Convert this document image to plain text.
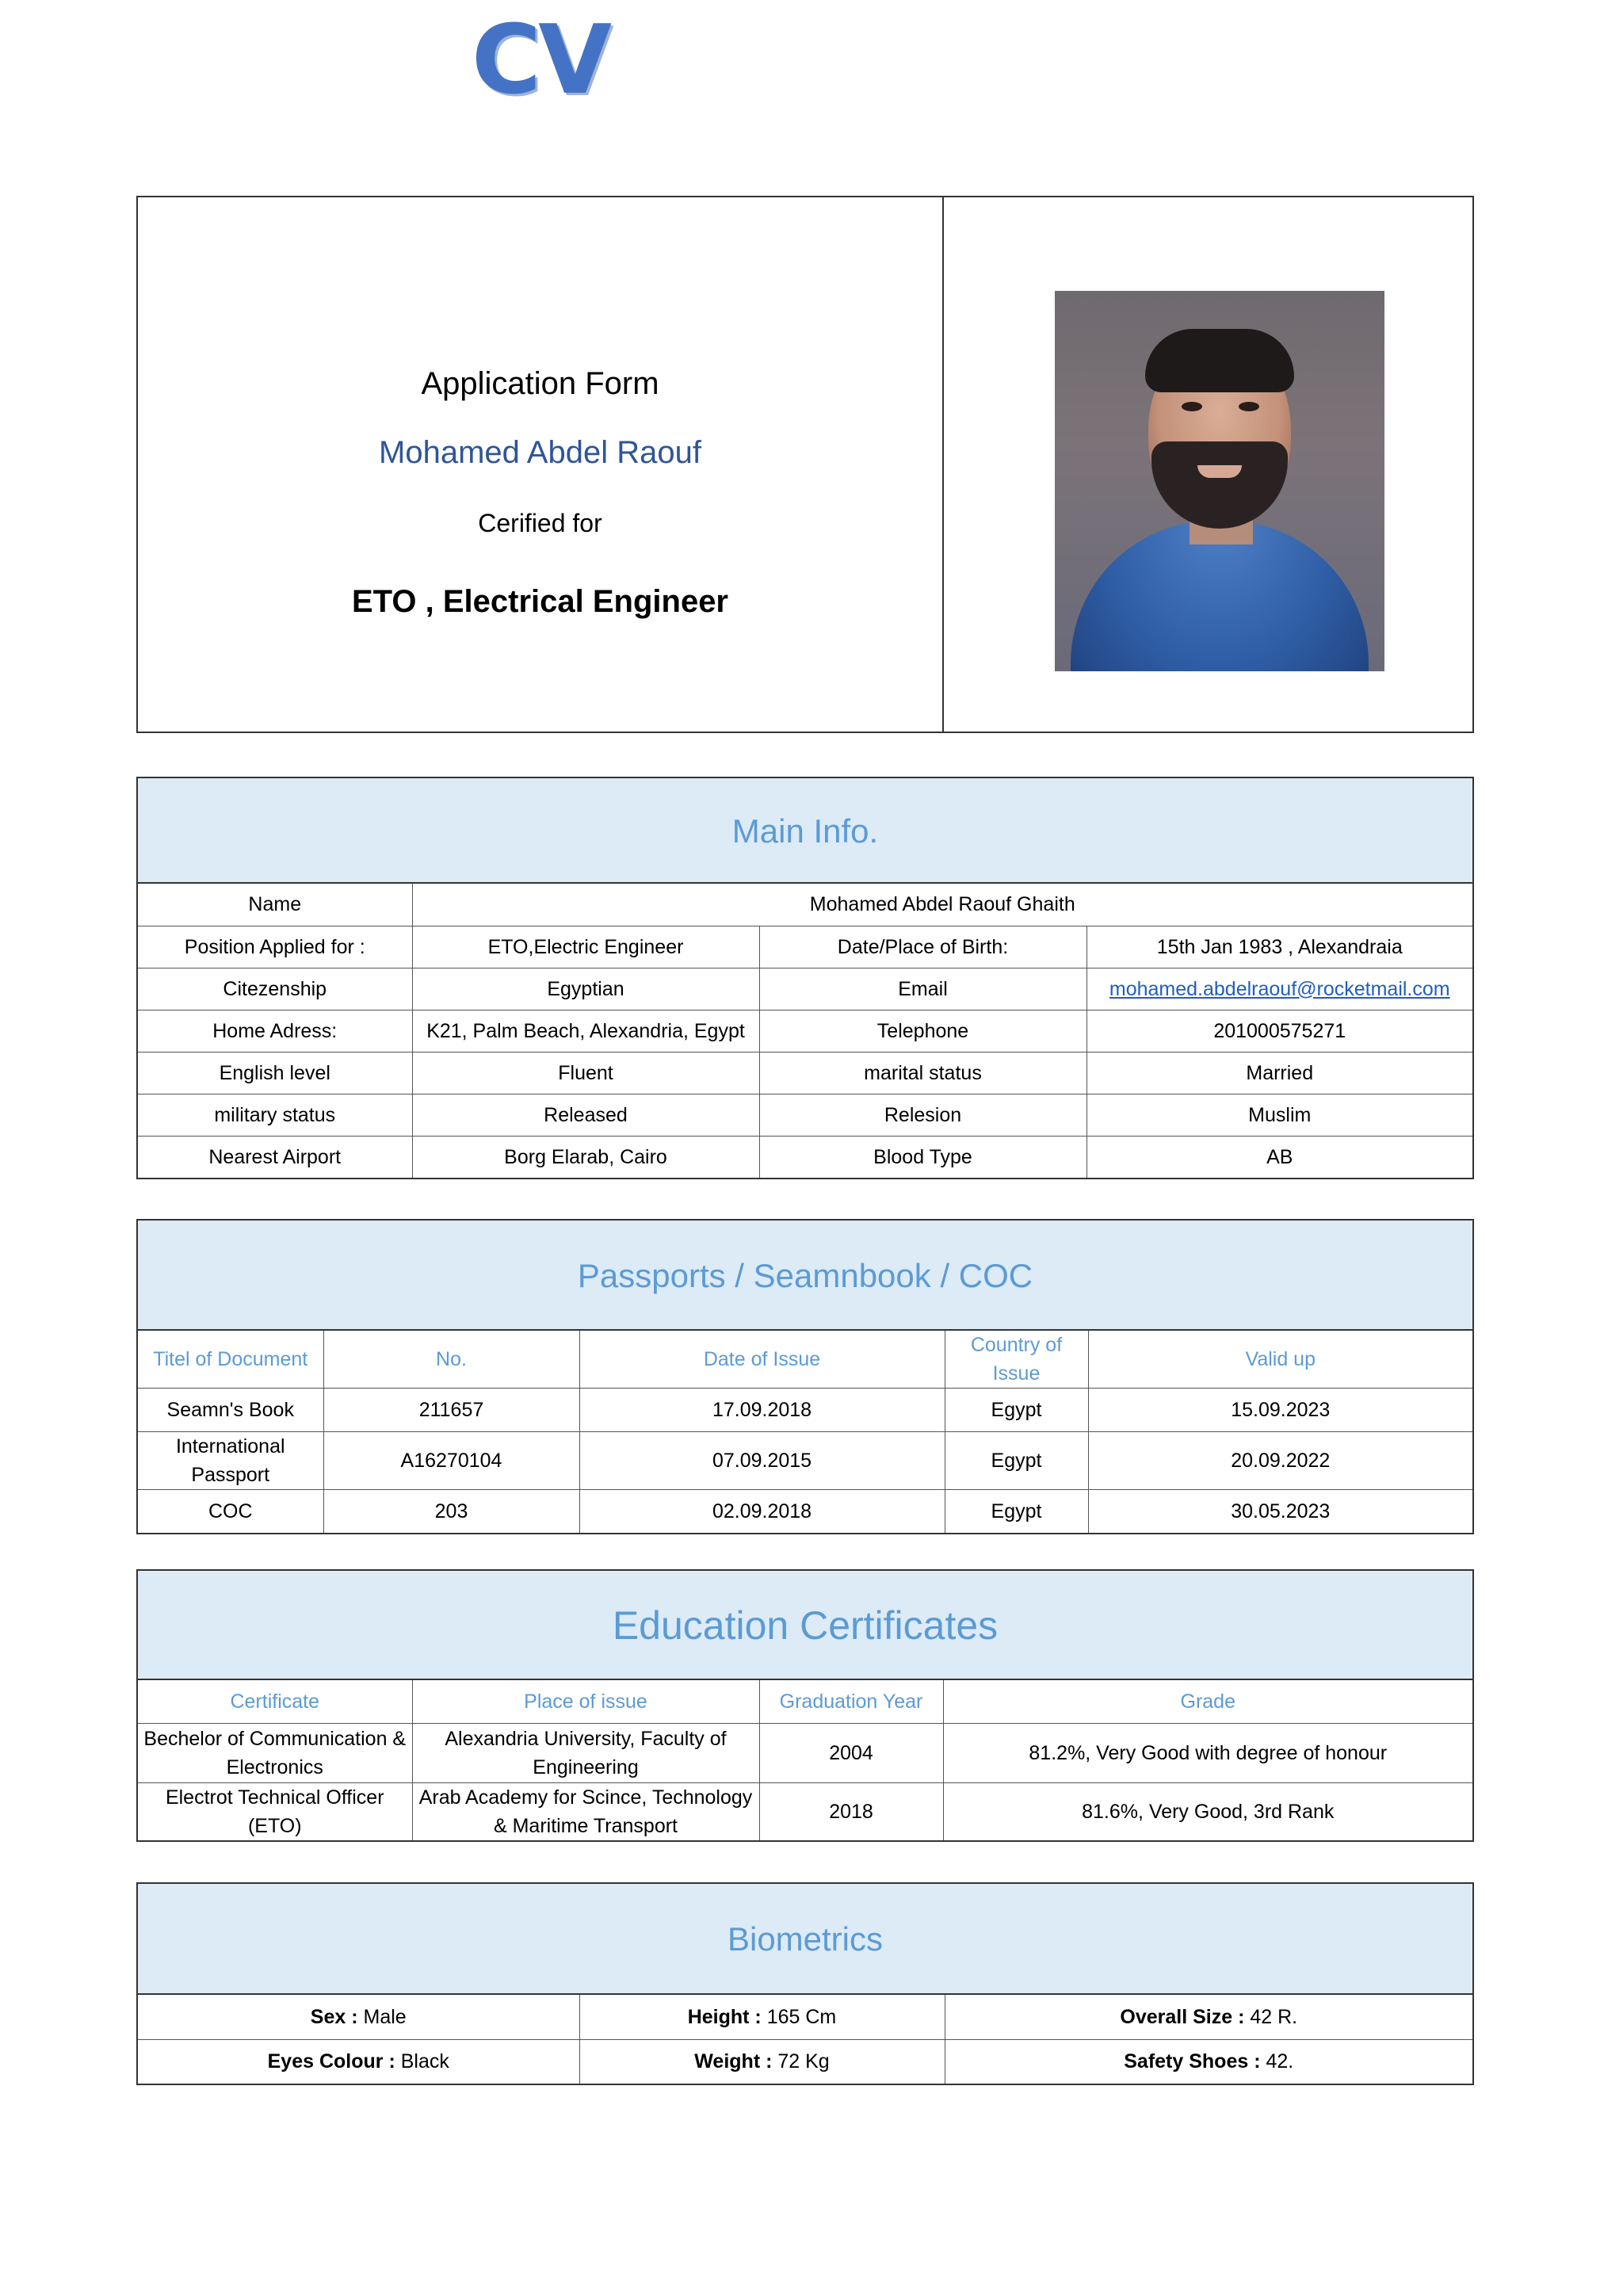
CV
Application Form
Mohamed Abdel Raouf
Cerified for
ETO , Electrical Engineer
Main Info.
Name	Mohamed Abdel Raouf Ghaith		
Position Applied for :	ETO,Electric Engineer	Date/Place of Birth:	15th Jan 1983 , Alexandraia
Citezenship	Egyptian	Email	mohamed.abdelraouf@rocketmail.com
Home Adress:	K21, Palm Beach, Alexandria, Egypt	Telephone	201000575271
English level	Fluent	marital status	Married
military status	Released	Relesion	Muslim
Nearest Airport	Borg Elarab, Cairo	Blood Type	AB
Passports / Seamnbook / COC
Titel of Document	No.	Date of Issue	Country of Issue	Valid up
Seamn's Book	211657	17.09.2018	Egypt	15.09.2023
International Passport	A16270104	07.09.2015	Egypt	20.09.2022
COC	203	02.09.2018	Egypt	30.05.2023
Education Certificates
Certificate	Place of issue	Graduation Year	Grade
Bechelor of Communication & Electronics	Alexandria University, Faculty of Engineering	2004	81.2%, Very Good with degree of honour
Electrot Technical Officer (ETO)	Arab Academy for Scince, Technology & Maritime Transport	2018	81.6%, Very Good, 3rd Rank
Biometrics
Sex : Male	Height : 165 Cm	Overall Size : 42 R.
Eyes Colour : Black	Weight : 72 Kg	Safety Shoes : 42.
